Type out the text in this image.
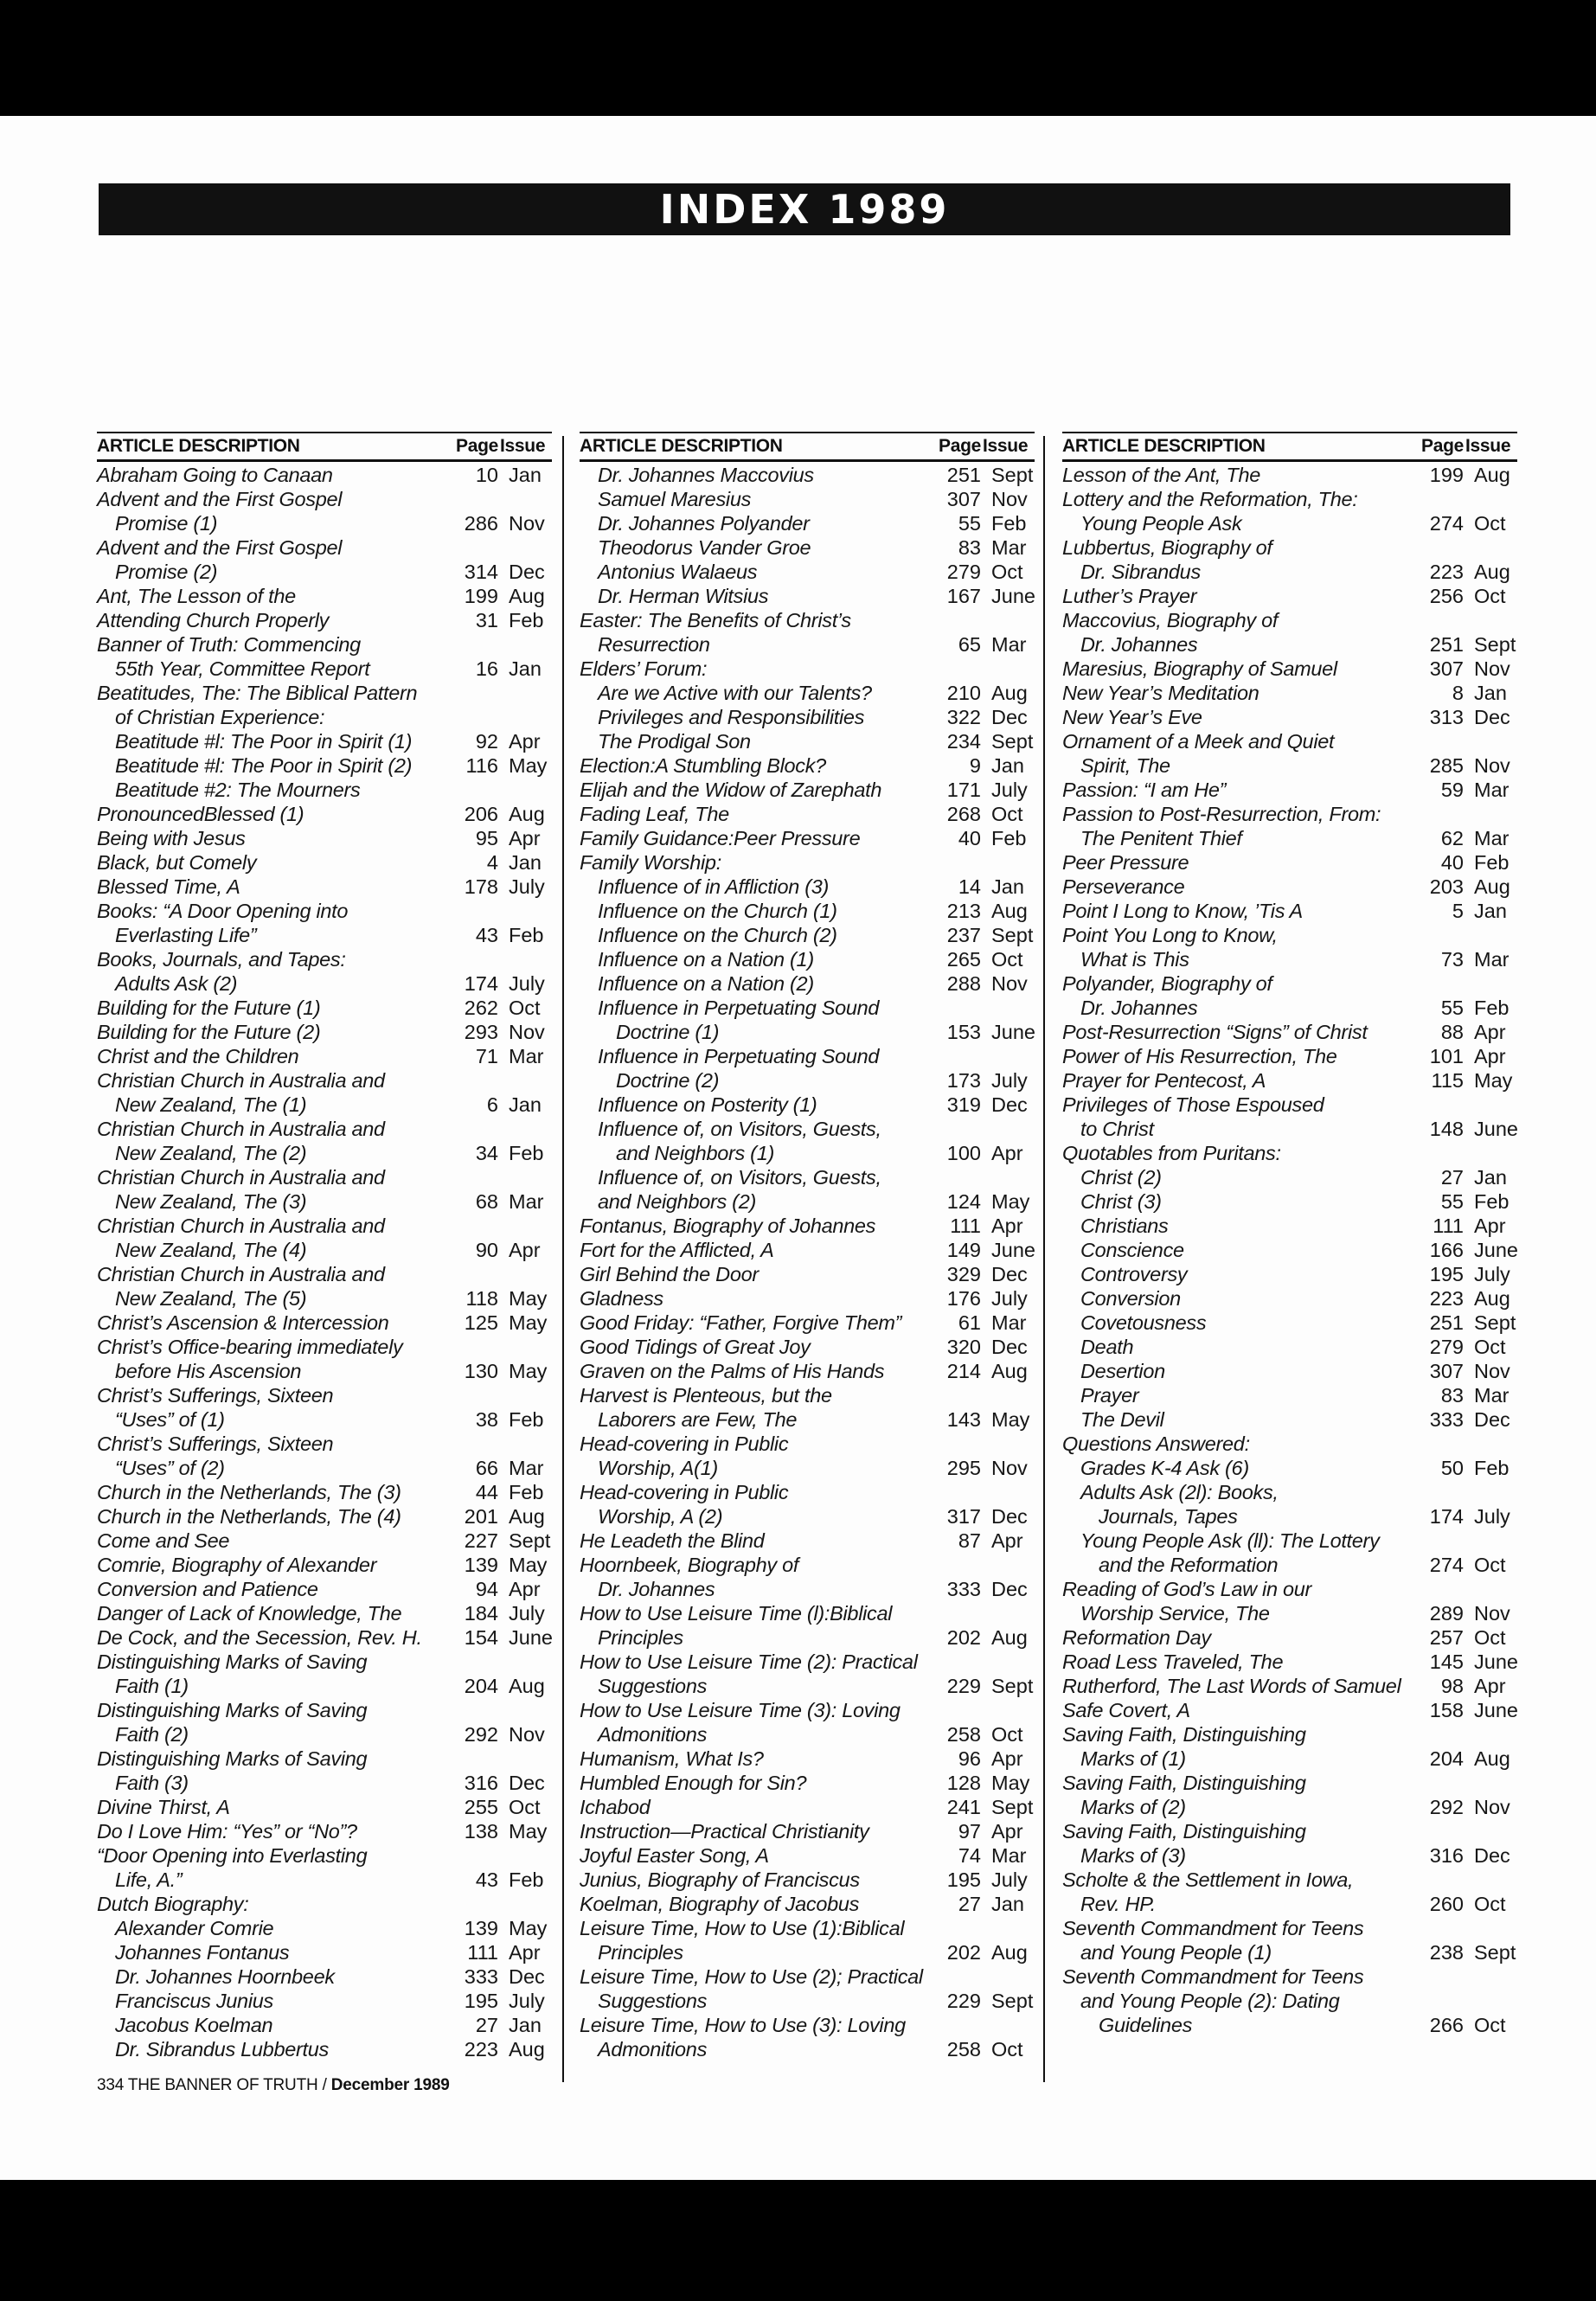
INDEX 1989
ARTICLE DESCRIPTION	Page Issue
Abraham Going to Canaan	10 Jan
Advent and the First Gospel
Promise (1)	286 Nov
Advent and the First Gospel
Promise (2)	314 Dec
Ant, The Lesson of the	199 Aug
Attending Church Properly	31 Feb
Banner of Truth: Commencing
55th Year, Committee Report	16 Jan
Beatitudes, The: The Biblical Pattern
of Christian Experience:
Beatitude #l: The Poor in Spirit (1)	92 Apr
Beatitude #l: The Poor in Spirit (2)	116 May
Beatitude #2: The Mourners
PronouncedBlessed (1)	206 Aug
Being with Jesus	95 Apr
Black, but Comely	4 Jan
Blessed Time, A	178 July
Books: “A Door Opening into
Everlasting Life”	43 Feb
Books, Journals, and Tapes:
Adults Ask (2)	174 July
Building for the Future (1)	262 Oct
Building for the Future (2)	293 Nov
Christ and the Children	71 Mar
Christian Church in Australia and
New Zealand, The (1)	6 Jan
Christian Church in Australia and
New Zealand, The (2)	34 Feb
Christian Church in Australia and
New Zealand, The (3)	68 Mar
Christian Church in Australia and
New Zealand, The (4)	90 Apr
Christian Church in Australia and
New Zealand, The (5)	118 May
Christ’s Ascension & Intercession	125 May
Christ’s Office-bearing immediately
before His Ascension	130 May
Christ’s Sufferings, Sixteen
“Uses” of (1)	38 Feb
Christ’s Sufferings, Sixteen
“Uses” of (2)	66 Mar
Church in the Netherlands, The (3)	44 Feb
Church in the Netherlands, The (4)	201 Aug
Come and See	227 Sept
Comrie, Biography of Alexander	139 May
Conversion and Patience	94 Apr
Danger of Lack of Knowledge, The	184 July
De Cock, and the Secession, Rev. H.	154 June
Distinguishing Marks of Saving
Faith (1)	204 Aug
Distinguishing Marks of Saving
Faith (2)	292 Nov
Distinguishing Marks of Saving
Faith (3)	316 Dec
Divine Thirst, A	255 Oct
Do I Love Him: “Yes” or “No”?	138 May
“Door Opening into Everlasting
Life, A.”	43 Feb
Dutch Biography:
Alexander Comrie	139 May
Johannes Fontanus	111 Apr
Dr. Johannes Hoornbeek	333 Dec
Franciscus Junius	195 July
Jacobus Koelman	27 Jan
Dr. Sibrandus Lubbertus	223 Aug
ARTICLE DESCRIPTION	Page Issue
Dr. Johannes Maccovius	251 Sept
Samuel Maresius	307 Nov
Dr. Johannes Polyander	55 Feb
Theodorus Vander Groe	83 Mar
Antonius Walaeus	279 Oct
Dr. Herman Witsius	167 June
Easter: The Benefits of Christ’s
Resurrection	65 Mar
Elders’ Forum:
Are we Active with our Talents?	210 Aug
Privileges and Responsibilities	322 Dec
The Prodigal Son	234 Sept
Election:A Stumbling Block?	9 Jan
Elijah and the Widow of Zarephath	171 July
Fading Leaf, The	268 Oct
Family Guidance:Peer Pressure	40 Feb
Family Worship:
Influence of in Affliction (3)	14 Jan
Influence on the Church (1)	213 Aug
Influence on the Church (2)	237 Sept
Influence on a Nation (1)	265 Oct
Influence on a Nation (2)	288 Nov
Influence in Perpetuating Sound
Doctrine (1)	153 June
Influence in Perpetuating Sound
Doctrine (2)	173 July
Influence on Posterity (1)	319 Dec
Influence of, on Visitors, Guests,
and Neighbors (1)	100 Apr
Influence of, on Visitors, Guests,
and Neighbors (2)	124 May
Fontanus, Biography of Johannes	111 Apr
Fort for the Afflicted, A	149 June
Girl Behind the Door	329 Dec
Gladness	176 July
Good Friday: “Father, Forgive Them”	61 Mar
Good Tidings of Great Joy	320 Dec
Graven on the Palms of His Hands	214 Aug
Harvest is Plenteous, but the
Laborers are Few, The	143 May
Head-covering in Public
Worship, A(1)	295 Nov
Head-covering in Public
Worship, A (2)	317 Dec
He Leadeth the Blind	87 Apr
Hoornbeek, Biography of
Dr. Johannes	333 Dec
How to Use Leisure Time (l):Biblical
Principles	202 Aug
How to Use Leisure Time (2): Practical
Suggestions	229 Sept
How to Use Leisure Time (3): Loving
Admonitions	258 Oct
Humanism, What Is?	96 Apr
Humbled Enough for Sin?	128 May
Ichabod	241 Sept
Instruction—Practical Christianity	97 Apr
Joyful Easter Song, A	74 Mar
Junius, Biography of Franciscus	195 July
Koelman, Biography of Jacobus	27 Jan
Leisure Time, How to Use (1):Biblical
Principles	202 Aug
Leisure Time, How to Use (2); Practical
Suggestions	229 Sept
Leisure Time, How to Use (3): Loving
Admonitions	258 Oct
ARTICLE DESCRIPTION	Page Issue
Lesson of the Ant, The	199 Aug
Lottery and the Reformation, The:
Young People Ask	274 Oct
Lubbertus, Biography of
Dr. Sibrandus	223 Aug
Luther’s Prayer	256 Oct
Maccovius, Biography of
Dr. Johannes	251 Sept
Maresius, Biography of Samuel	307 Nov
New Year’s Meditation	8 Jan
New Year’s Eve	313 Dec
Ornament of a Meek and Quiet
Spirit, The	285 Nov
Passion: “I am He”	59 Mar
Passion to Post-Resurrection, From:
The Penitent Thief	62 Mar
Peer Pressure	40 Feb
Perseverance	203 Aug
Point I Long to Know, ’Tis A	5 Jan
Point You Long to Know,
What is This	73 Mar
Polyander, Biography of
Dr. Johannes	55 Feb
Post-Resurrection “Signs” of Christ	88 Apr
Power of His Resurrection, The	101 Apr
Prayer for Pentecost, A	115 May
Privileges of Those Espoused
to Christ	148 June
Quotables from Puritans:
Christ (2)	27 Jan
Christ (3)	55 Feb
Christians	111 Apr
Conscience	166 June
Controversy	195 July
Conversion	223 Aug
Covetousness	251 Sept
Death	279 Oct
Desertion	307 Nov
Prayer	83 Mar
The Devil	333 Dec
Questions Answered:
Grades K-4 Ask (6)	50 Feb
Adults Ask (2l): Books,
Journals, Tapes	174 July
Young People Ask (ll): The Lottery
and the Reformation	274 Oct
Reading of God’s Law in our
Worship Service, The	289 Nov
Reformation Day	257 Oct
Road Less Traveled, The	145 June
Rutherford, The Last Words of Samuel	98 Apr
Safe Covert, A	158 June
Saving Faith, Distinguishing
Marks of (1)	204 Aug
Saving Faith, Distinguishing
Marks of (2)	292 Nov
Saving Faith, Distinguishing
Marks of (3)	316 Dec
Scholte & the Settlement in Iowa,
Rev. HP.	260 Oct
Seventh Commandment for Teens
and Young People (1)	238 Sept
Seventh Commandment for Teens
and Young People (2): Dating
Guidelines	266 Oct
334 THE BANNER OF TRUTH / December 1989
